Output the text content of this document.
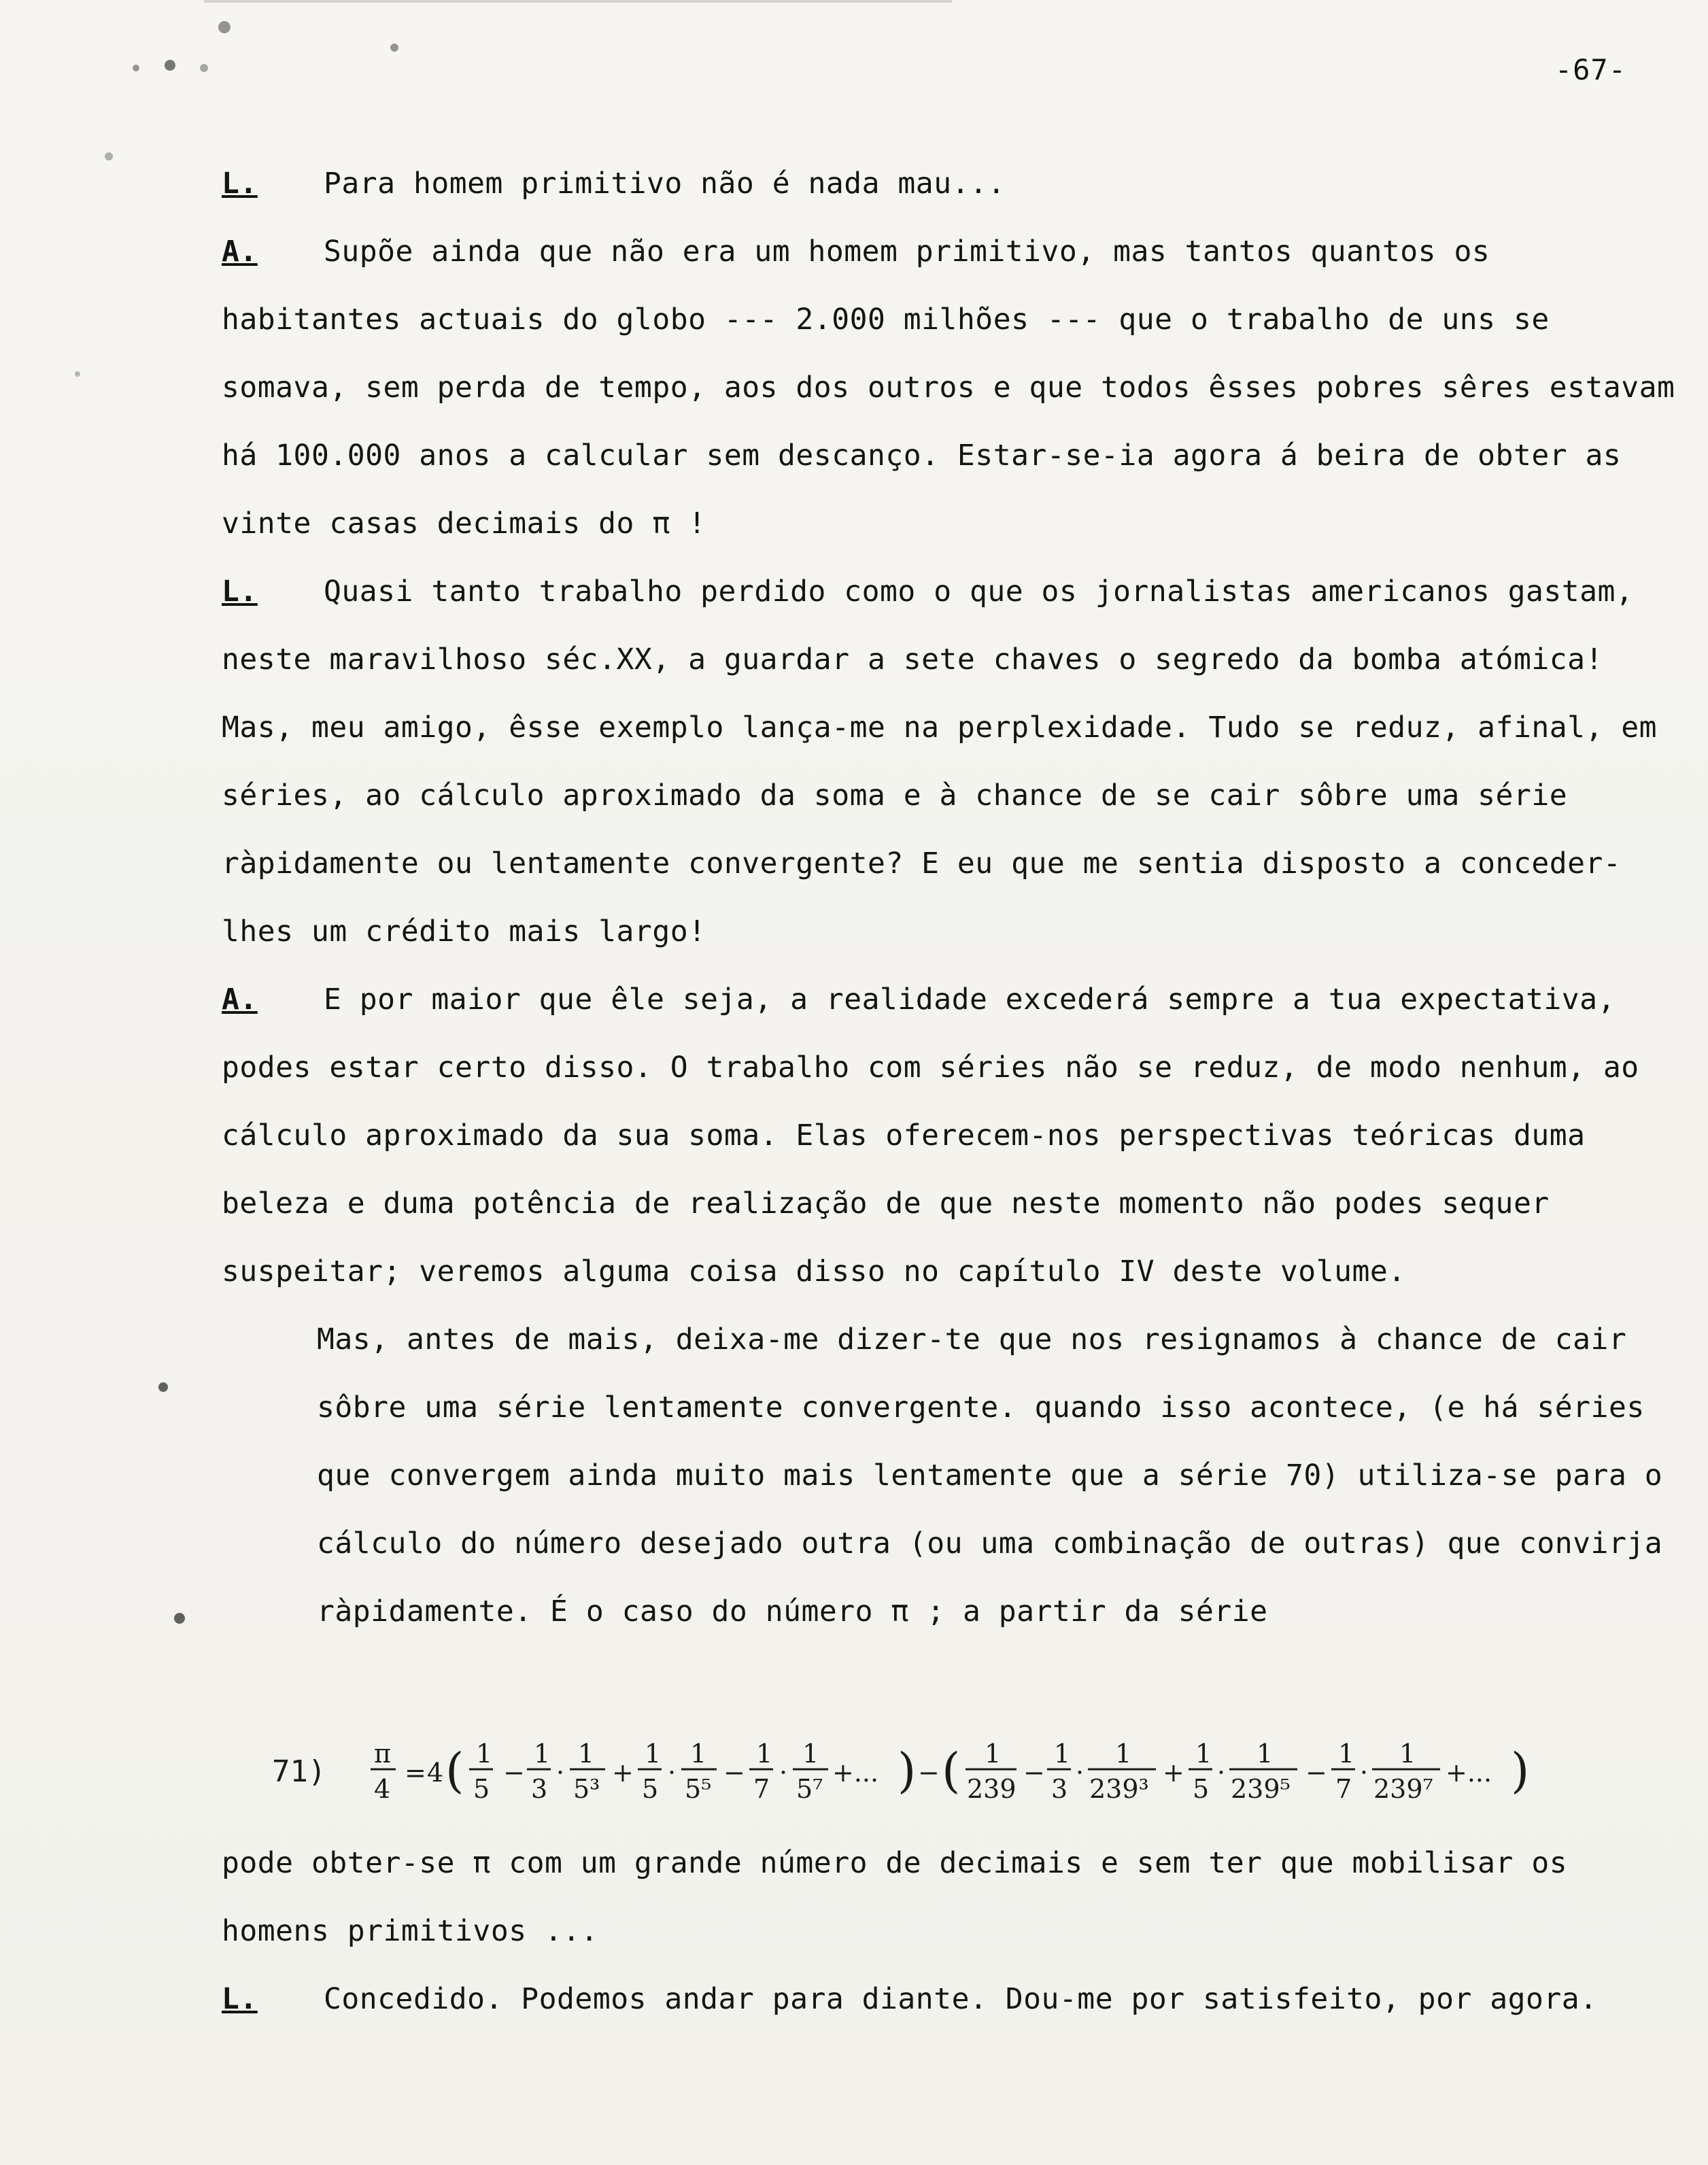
-67-

L. Para homem primitivo não é nada mau...

A. Supõe ainda que não era um homem primitivo, mas tantos quantos os habitantes actuais do globo --- 2.000 milhões --- que o trabalho de uns se somava, sem perda de tempo, aos dos outros e que todos êsses pobres sêres estavam há 100.000 anos a calcular sem descanço. Estar-se-ia agora á beira de obter as vinte casas decimais do π !

L. Quasi tanto trabalho perdido como o que os jornalistas americanos gastam, neste maravilhoso séc.XX, a guardar a sete chaves o segredo da bomba atómica! Mas, meu amigo, êsse exemplo lança-me na perplexidade. Tudo se reduz, afinal, em séries, ao cálculo aproximado da soma e à chance de se cair sôbre uma série ràpidamente ou lentamente convergente? E eu que me sentia disposto a conceder-lhes um crédito mais largo!

A. E por maior que êle seja, a realidade excederá sempre a tua expectativa, podes estar certo disso. O trabalho com séries não se reduz, de modo nenhum, ao cálculo aproximado da sua soma. Elas oferecem-nos perspectivas teóricas duma beleza e duma potência de realização de que neste momento não podes sequer suspeitar; veremos alguma coisa disso no capítulo IV deste volume.

Mas, antes de mais, deixa-me dizer-te que nos resignamos à chance de cair sôbre uma série lentamente convergente. quando isso acontece, (e há séries que convergem ainda muito mais lentamente que a série 70) utiliza-se para o cálculo do número desejado outra (ou uma combinação de outras) que convirja ràpidamente. É o caso do número π ; a partir da série

71)
π
4
= 4 ( 1
5
−
1
3
·
1
5³
+
1
5
·
1
5⁵
−
1
7
·
1
5⁷
+... ) − ( 1
239
−
1
3
·
1
239³
+
1
5
·
1
239⁵
−
1
7
·
1
239⁷
+... )

pode obter-se π com um grande número de decimais e sem ter que mobilisar os homens primitivos ...

L. Concedido. Podemos andar para diante. Dou-me por satisfeito, por agora.
